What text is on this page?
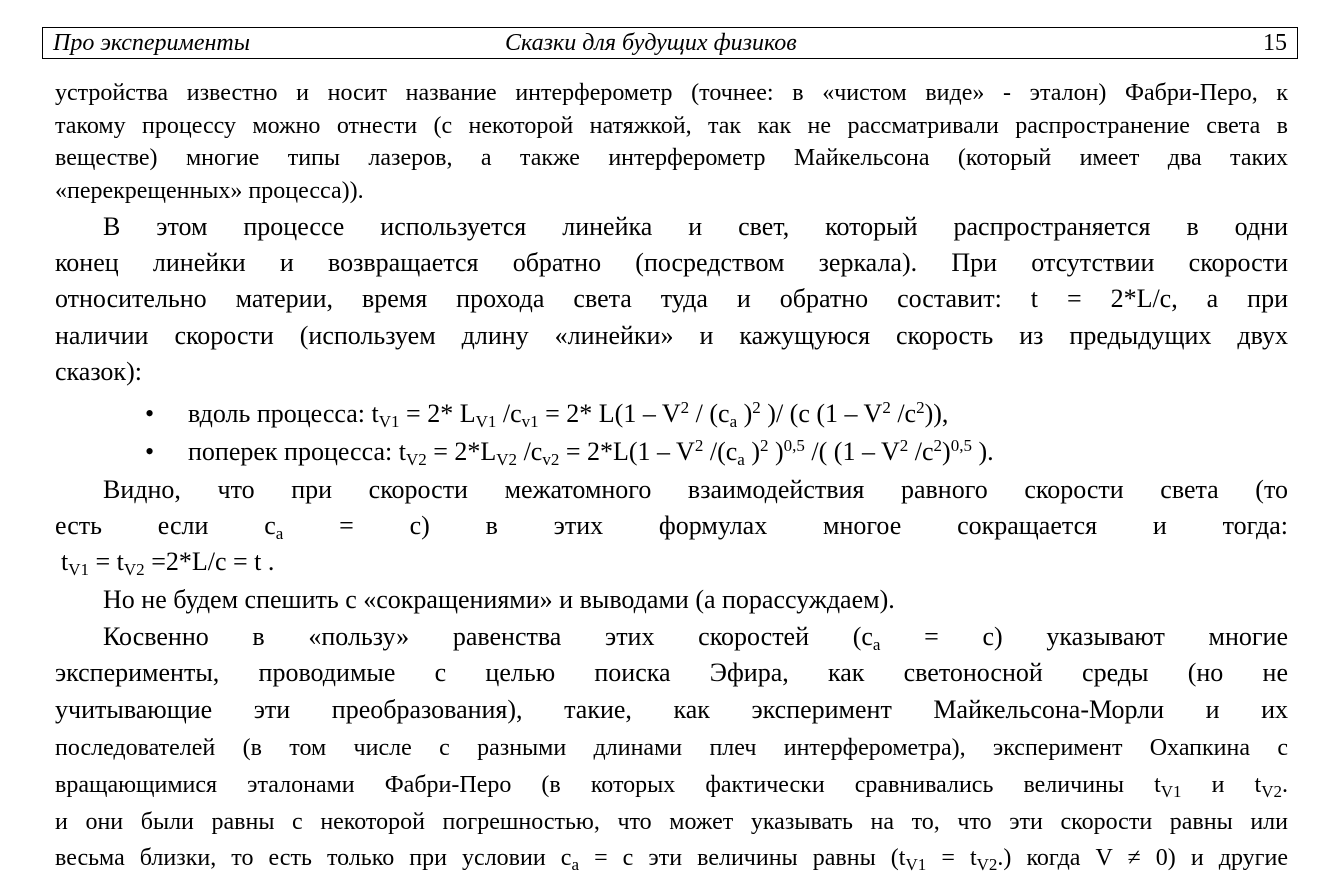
Про эксперименты	Сказки для будущих физиков	15
устройства известно и носит название интерферометр (точнее: в «чистом виде» - эталон) Фабри-Перо, к
такому процессу можно отнести (с некоторой натяжкой, так как не рассматривали распространение света в
веществе) многие типы лазеров, а также интерферометр Майкельсона (который имеет два таких
«перекрещенных» процесса)).
В этом процессе используется линейка и свет, который распространяется в одни
конец линейки и возвращается обратно (посредством зеркала). При отсутствии скорости
относительно материи, время прохода света туда и обратно составит: t = 2*L/c, а при
наличии скорости (используем длину «линейки» и кажущуюся скорость из предыдущих двух
сказок):
• вдоль процесса: $t_{V1} = 2*$ $L_{V1}$ $/c_{v1} = 2*$ $L(1 - V^2 / (c_a$ )$^2$ )/ (c ($1 - V^2$ $/c^2$)),
• поперек процесса: $t_{V2} = 2*L_{V2}$ $/c_{v2} = 2*L(1 - V^2$ $/(c_a$ )$^2$ )$^{0,5}$ /( ($1 - V^2$ $/c^2)^{0,5}$ ).
Видно, что при скорости межатомного взаимодействия равного скорости света (то
есть если $c_a = c$) в этих формулах многое сокращается и тогда:
$t_{V1} = t_{V2} =2*L/c = t$ .
Но не будем спешить с «сокращениями» и выводами (а порассуждаем).
Косвенно в «пользу» равенства этих скоростей $(c_a = c)$ указывают многие
эксперименты, проводимые с целью поиска Эфира, как светоносной среды (но не
учитывающие эти преобразования), такие, как эксперимент Майкельсона-Морли и их
последователей (в том числе с разными длинами плеч интерферометра), эксперимент Охапкина с
вращающимися эталонами Фабри-Перо (в которых фактически сравнивались величины $t_{V1}$ и $t_{V2}$.
и они были равны с некоторой погрешностью, что может указывать на то, что эти скорости равны или
весьма близки, то есть только при условии $c_a = c$ эти величины равны $(t_{V1} = t_{V2}.)$ когда V ≠ 0) и другие
